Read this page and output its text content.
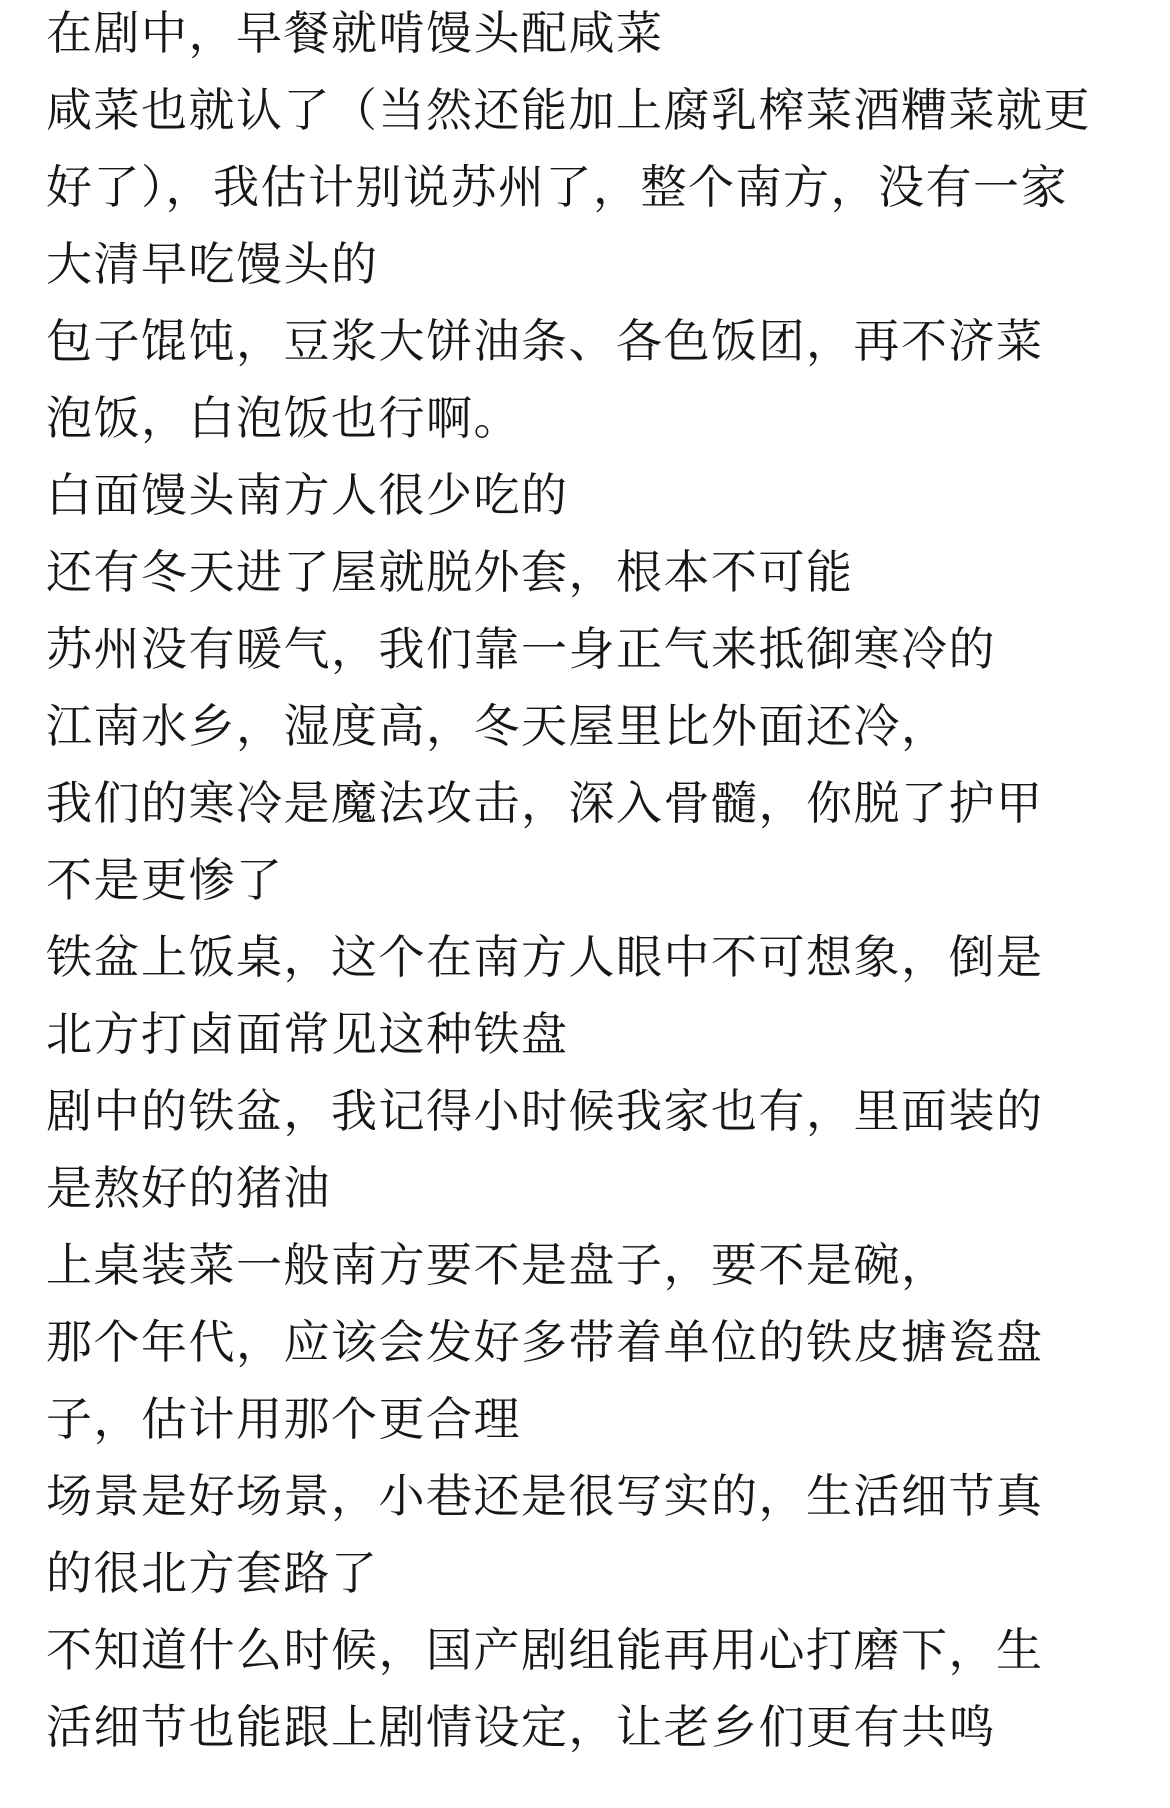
在剧中，早餐就啃馒头配咸菜
咸菜也就认了（当然还能加上腐乳榨菜酒糟菜就更
好了），我估计别说苏州了，整个南方，没有一家
大清早吃馒头的
包子馄饨，豆浆大饼油条、各色饭团，再不济菜
泡饭，白泡饭也行啊。
白面馒头南方人很少吃的
还有冬天进了屋就脱外套，根本不可能
苏州没有暖气，我们靠一身正气来抵御寒冷的
江南水乡，湿度高，冬天屋里比外面还冷，
我们的寒冷是魔法攻击，深入骨髓，你脱了护甲
不是更惨了
铁盆上饭桌，这个在南方人眼中不可想象，倒是
北方打卤面常见这种铁盘
剧中的铁盆，我记得小时候我家也有，里面装的
是熬好的猪油
上桌装菜一般南方要不是盘子，要不是碗，
那个年代，应该会发好多带着单位的铁皮搪瓷盘
子，估计用那个更合理
场景是好场景，小巷还是很写实的，生活细节真
的很北方套路了
不知道什么时候，国产剧组能再用心打磨下，生
活细节也能跟上剧情设定，让老乡们更有共鸣
